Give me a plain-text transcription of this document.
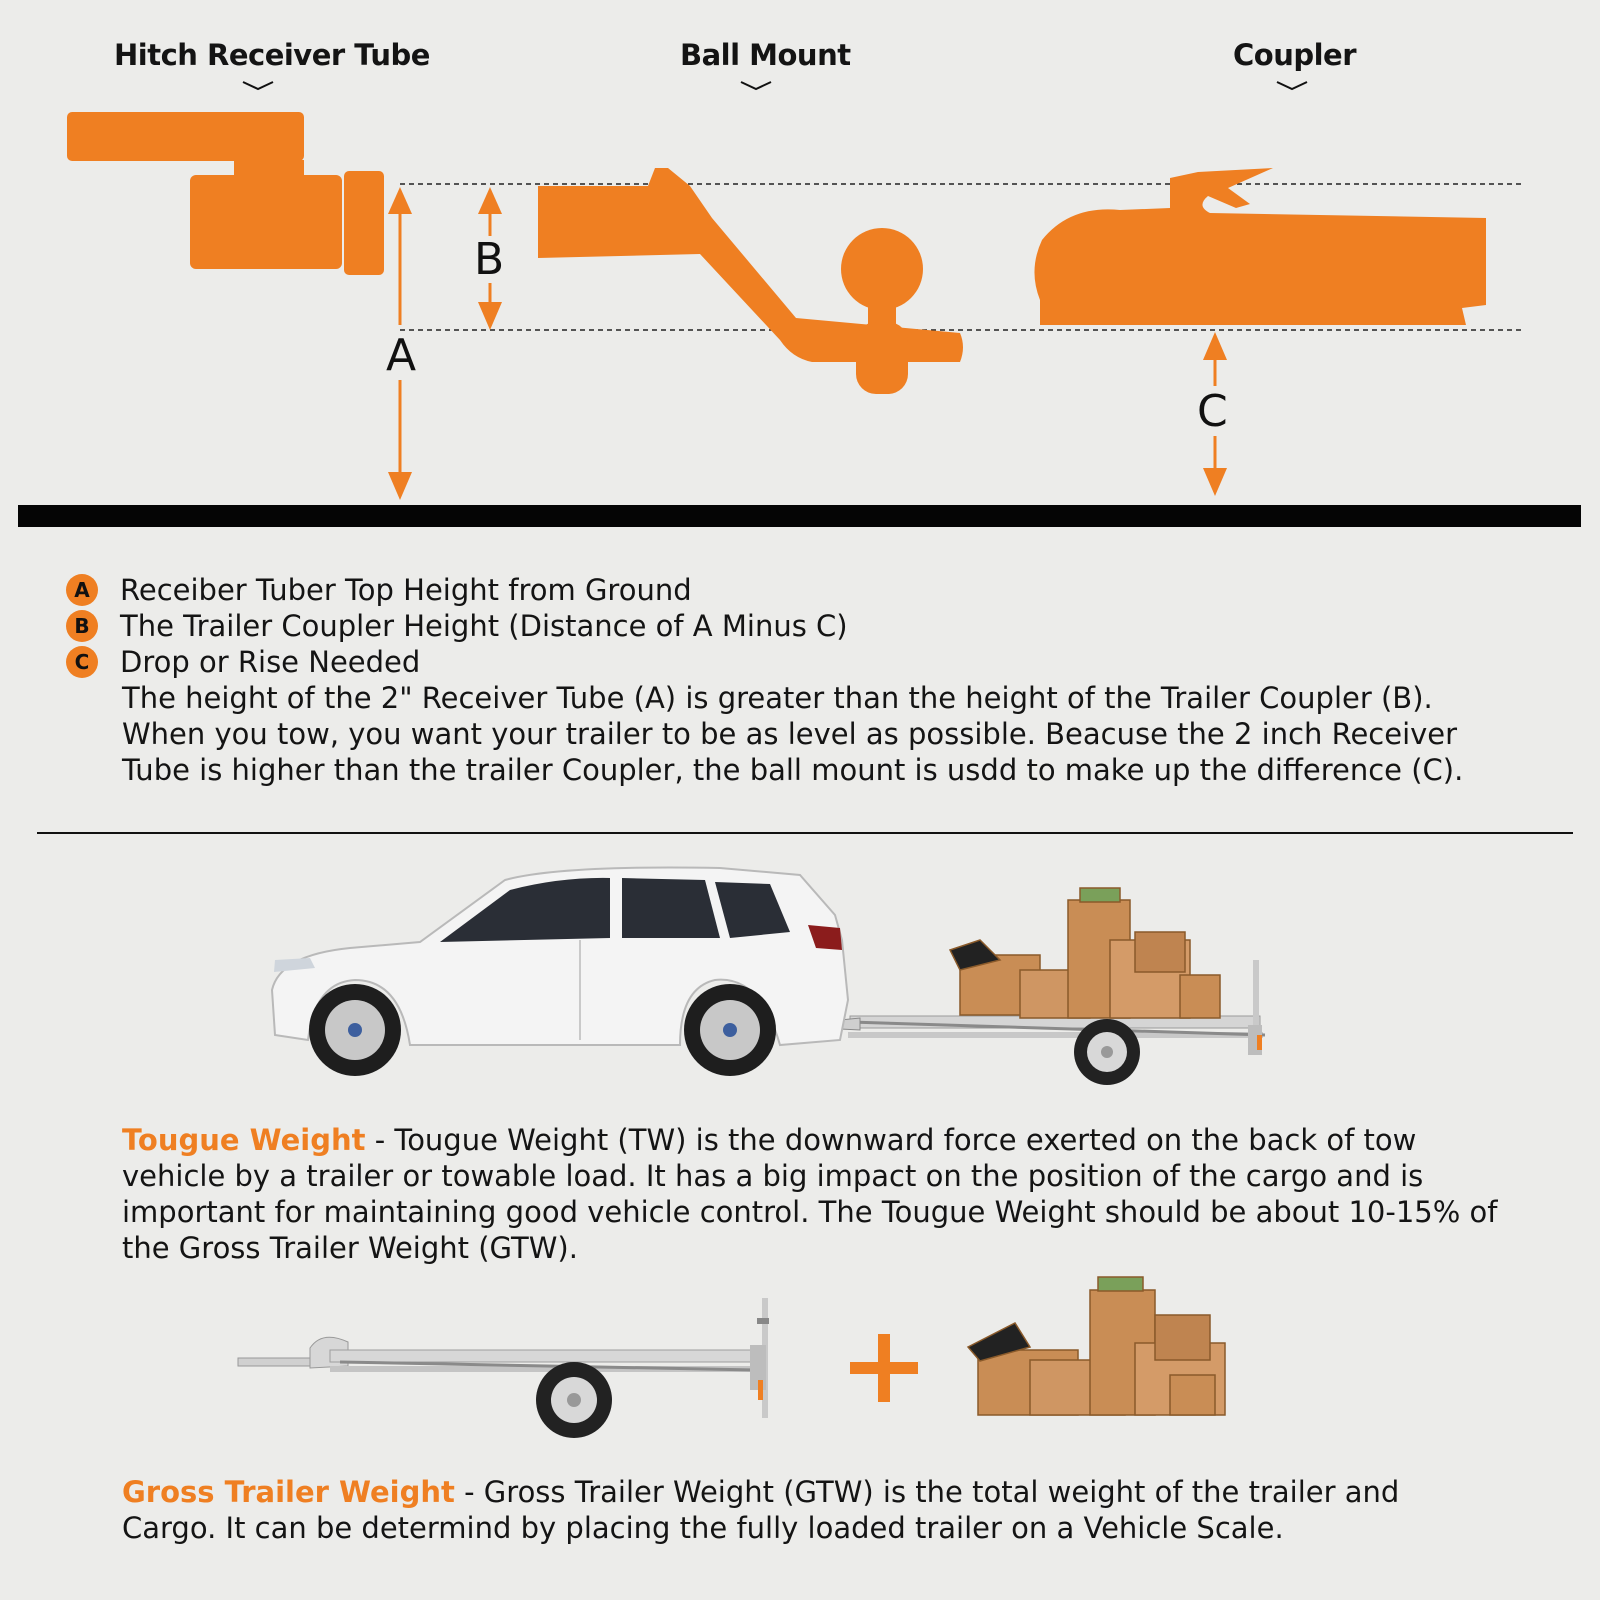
Hitch Receiver Tube	Ball Mount	Coupler
A
B
C
A Receiber Tuber Top Height from Ground
B The Trailer Coupler Height (Distance of A Minus C)
C Drop or Rise Needed
The height of the 2" Receiver Tube (A) is greater than the height of the Trailer Coupler (B). When you tow, you want your trailer to be as level as possible. Beacuse the 2 inch Receiver Tube is higher than the trailer Coupler, the ball mount is usdd to make up the difference (C).
Tougue Weight - Tougue Weight (TW) is the downward force exerted on the back of tow vehicle by a trailer or towable load. It has a big impact on the position of the cargo and is important for maintaining good vehicle control. The Tougue Weight should be about 10-15% of the Gross Trailer Weight (GTW).
Gross Trailer Weight - Gross Trailer Weight (GTW) is the total weight of the trailer and Cargo. It can be determind by placing the fully loaded trailer on a Vehicle Scale.
